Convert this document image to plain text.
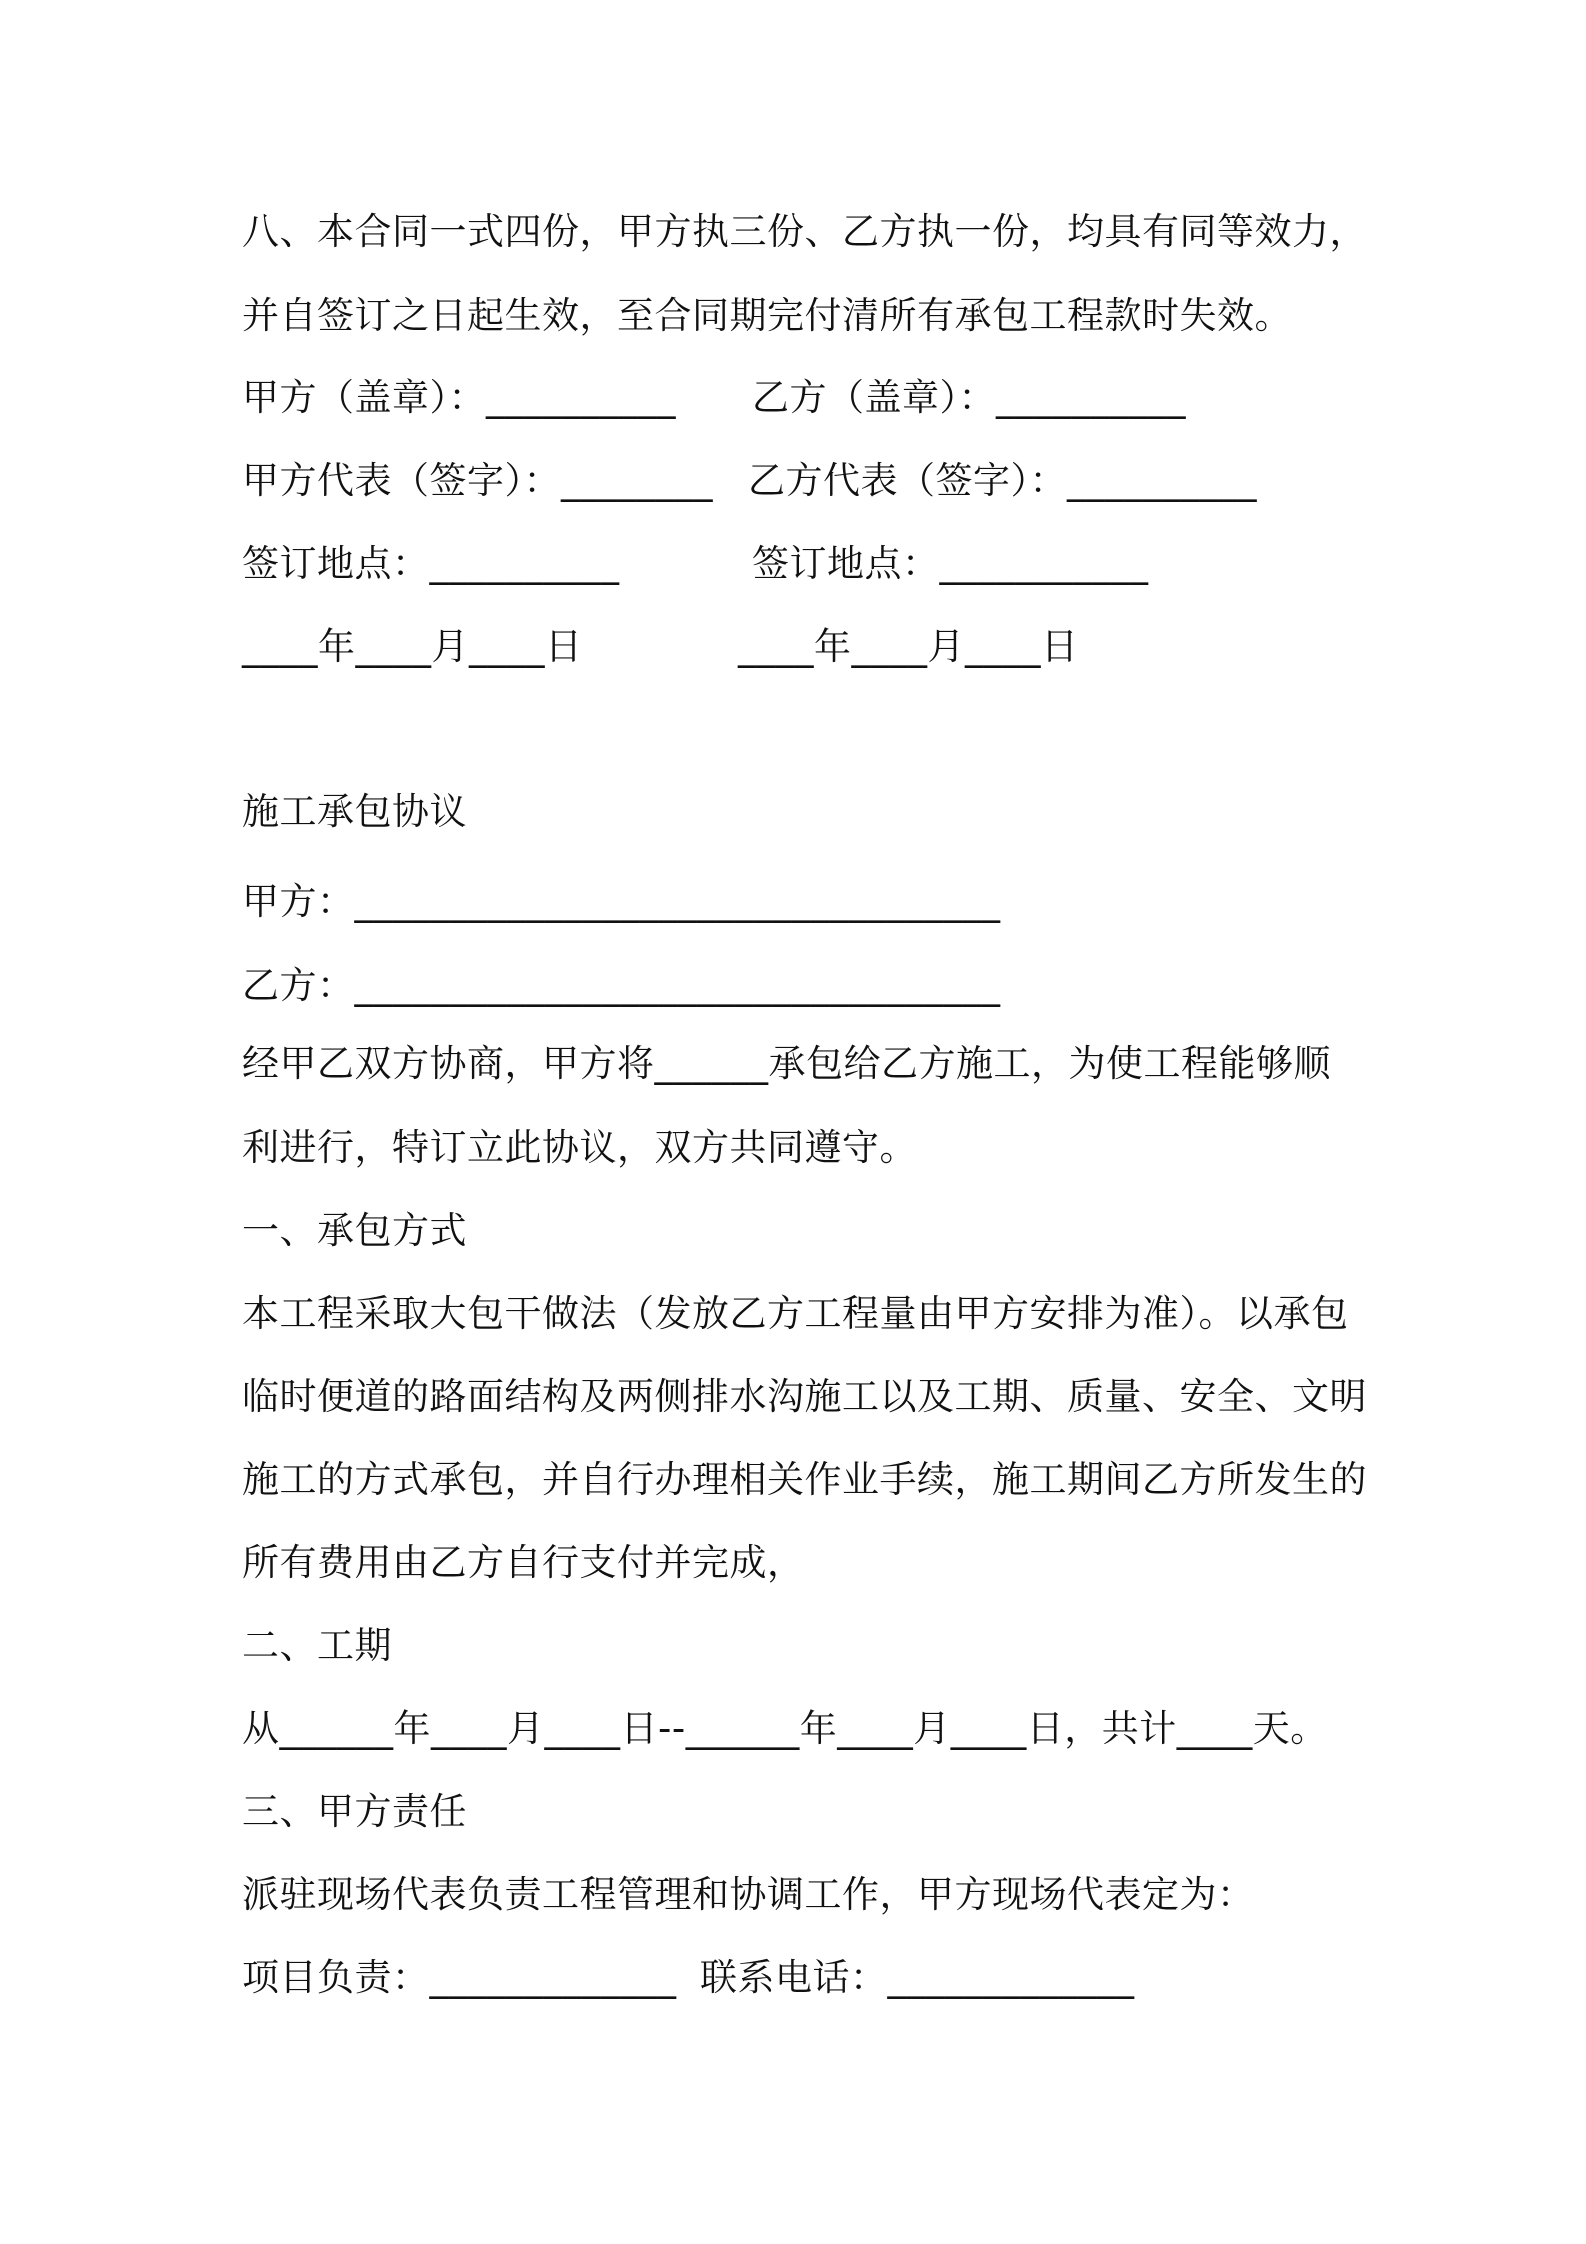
八、本合同一式四份，甲方执三份、乙方执一份，均具有同等效力，
并自签订之日起生效，至合同期完付清所有承包工程款时失效。
甲方（盖章）：__________ 乙方（盖章）：__________
甲方代表（签字）：________ 乙方代表（签字）：__________
签订地点：__________	签订地点：___________
____年____月____日	____年____月____日
施工承包协议
甲方：__________________________________
乙方：__________________________________
经甲乙双方协商，甲方将______承包给乙方施工，为使工程能够顺
利进行，特订立此协议，双方共同遵守。
一、承包方式
本工程采取大包干做法（发放乙方工程量由甲方安排为准）。以承包
临时便道的路面结构及两侧排水沟施工以及工期、质量、安全、文明
施工的方式承包，并自行办理相关作业手续，施工期间乙方所发生的
所有费用由乙方自行支付并完成，
二、工期
从______年____月____日--______年____月____日，共计____天。
三、甲方责任
派驻现场代表负责工程管理和协调工作，甲方现场代表定为：
项目负责：_____________ 联系电话：_____________
